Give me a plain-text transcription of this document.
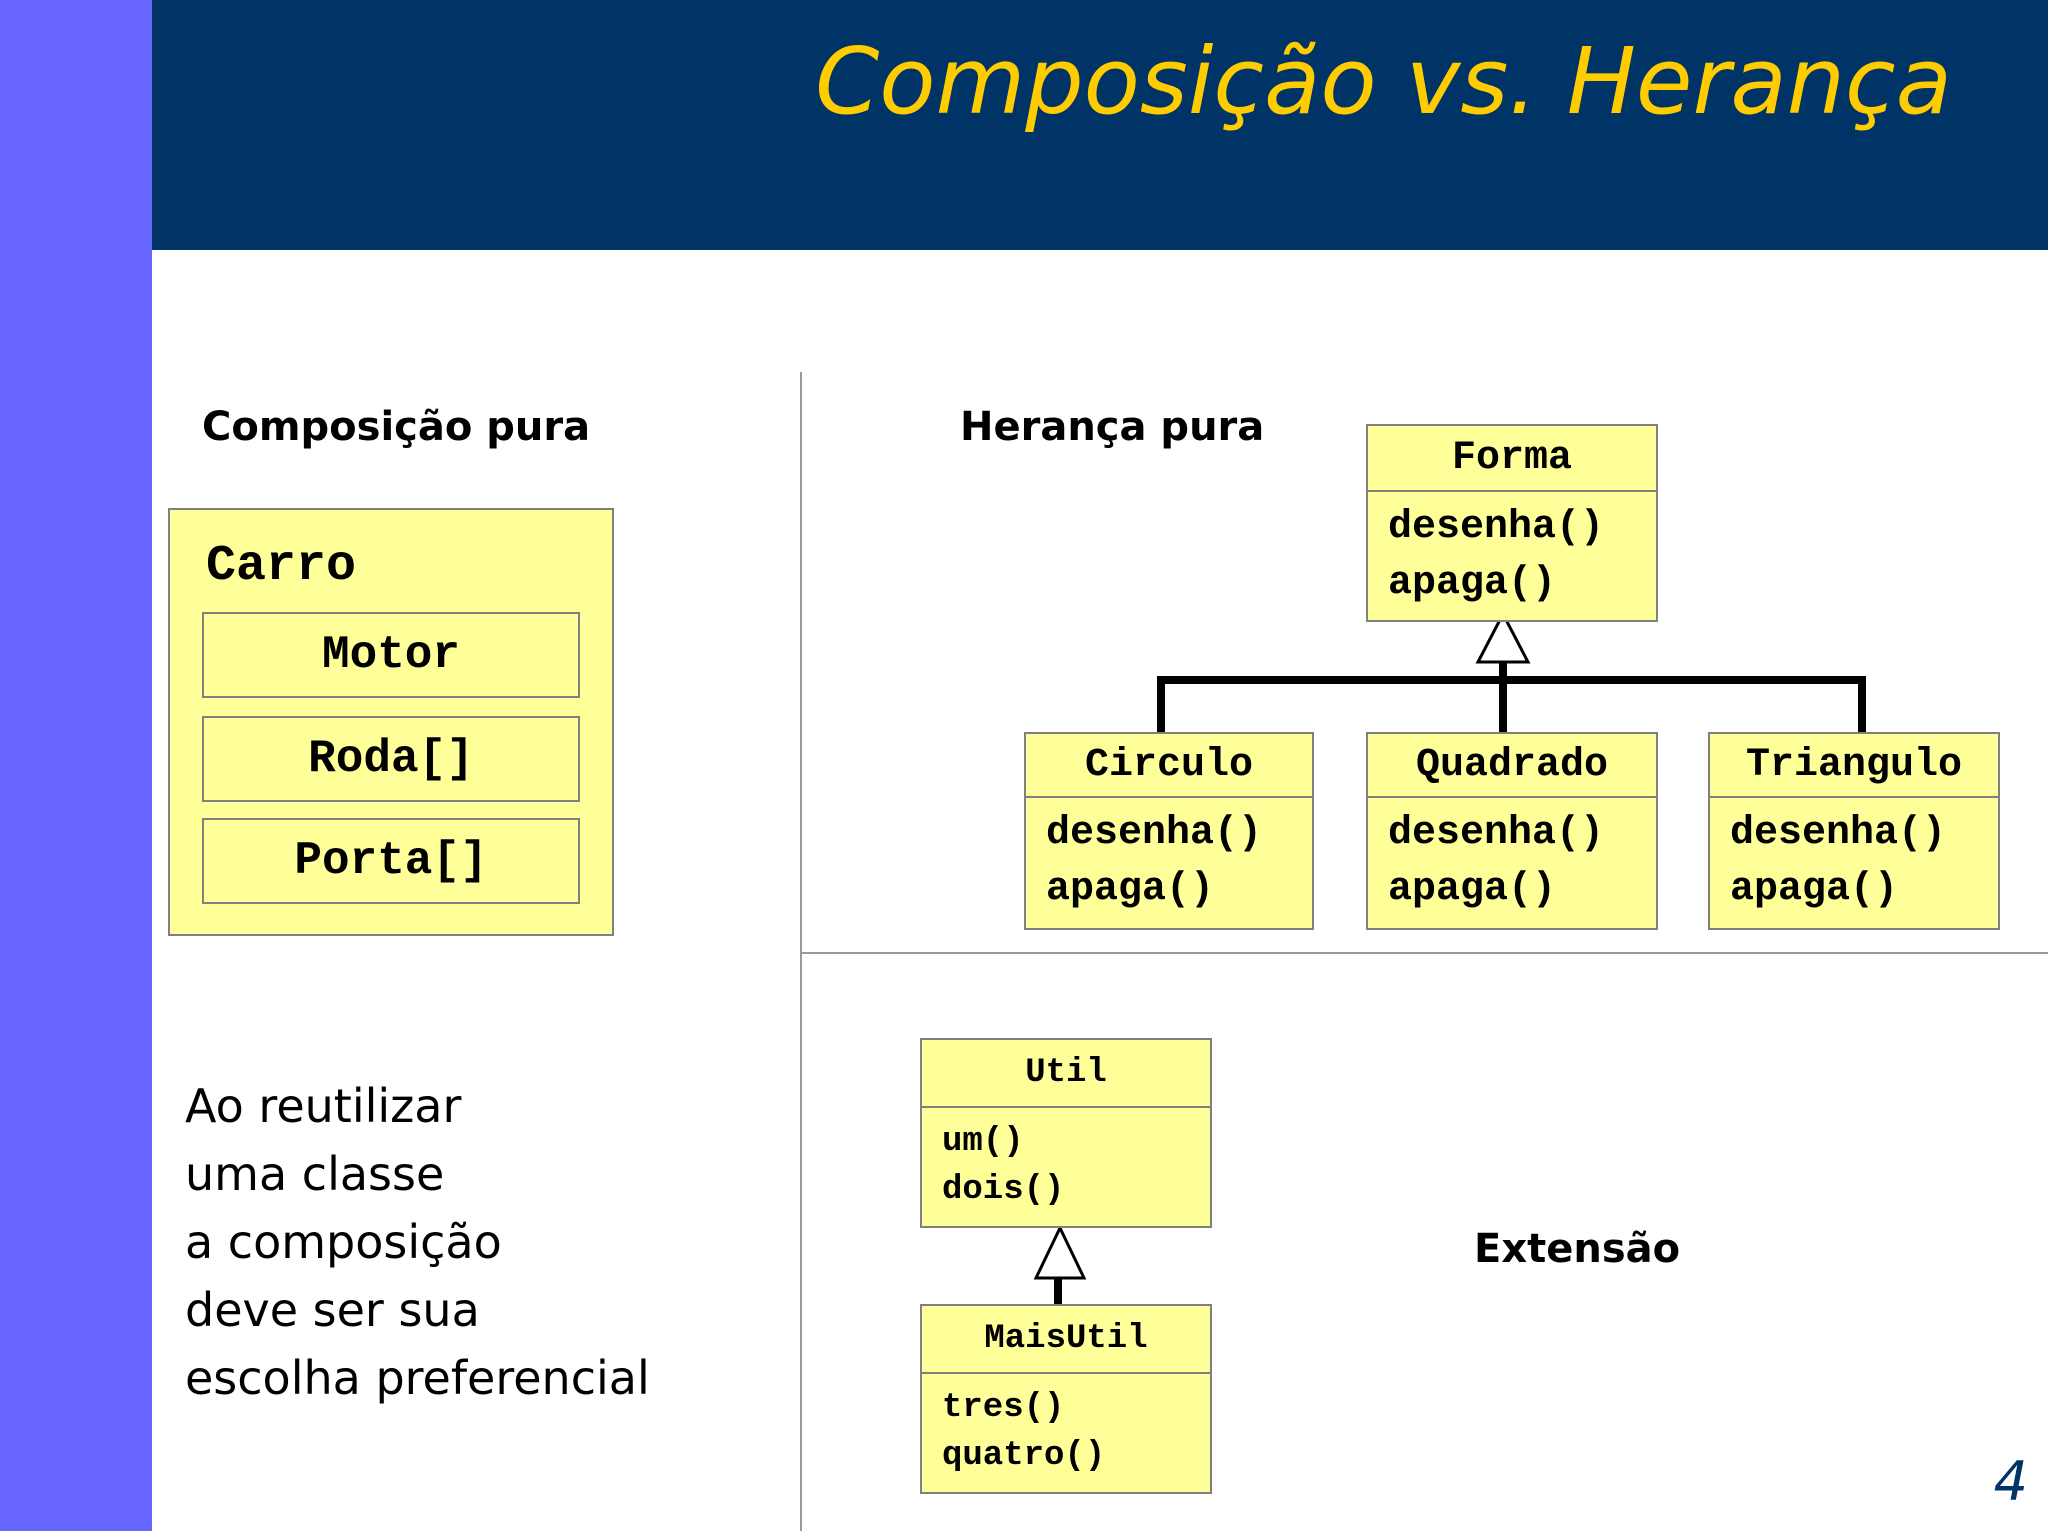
Composição vs. Herança
Composição pura
Carro
Motor
Roda[]
Porta[]
Ao reutilizar
uma classe
a composição
deve ser sua
escolha preferencial
Herança pura
Forma
desenha()
apaga()
Circulo
desenha()
apaga()
Quadrado
desenha()
apaga()
Triangulo
desenha()
apaga()
Extensão
Util
um()
dois()
MaisUtil
tres()
quatro()	4
